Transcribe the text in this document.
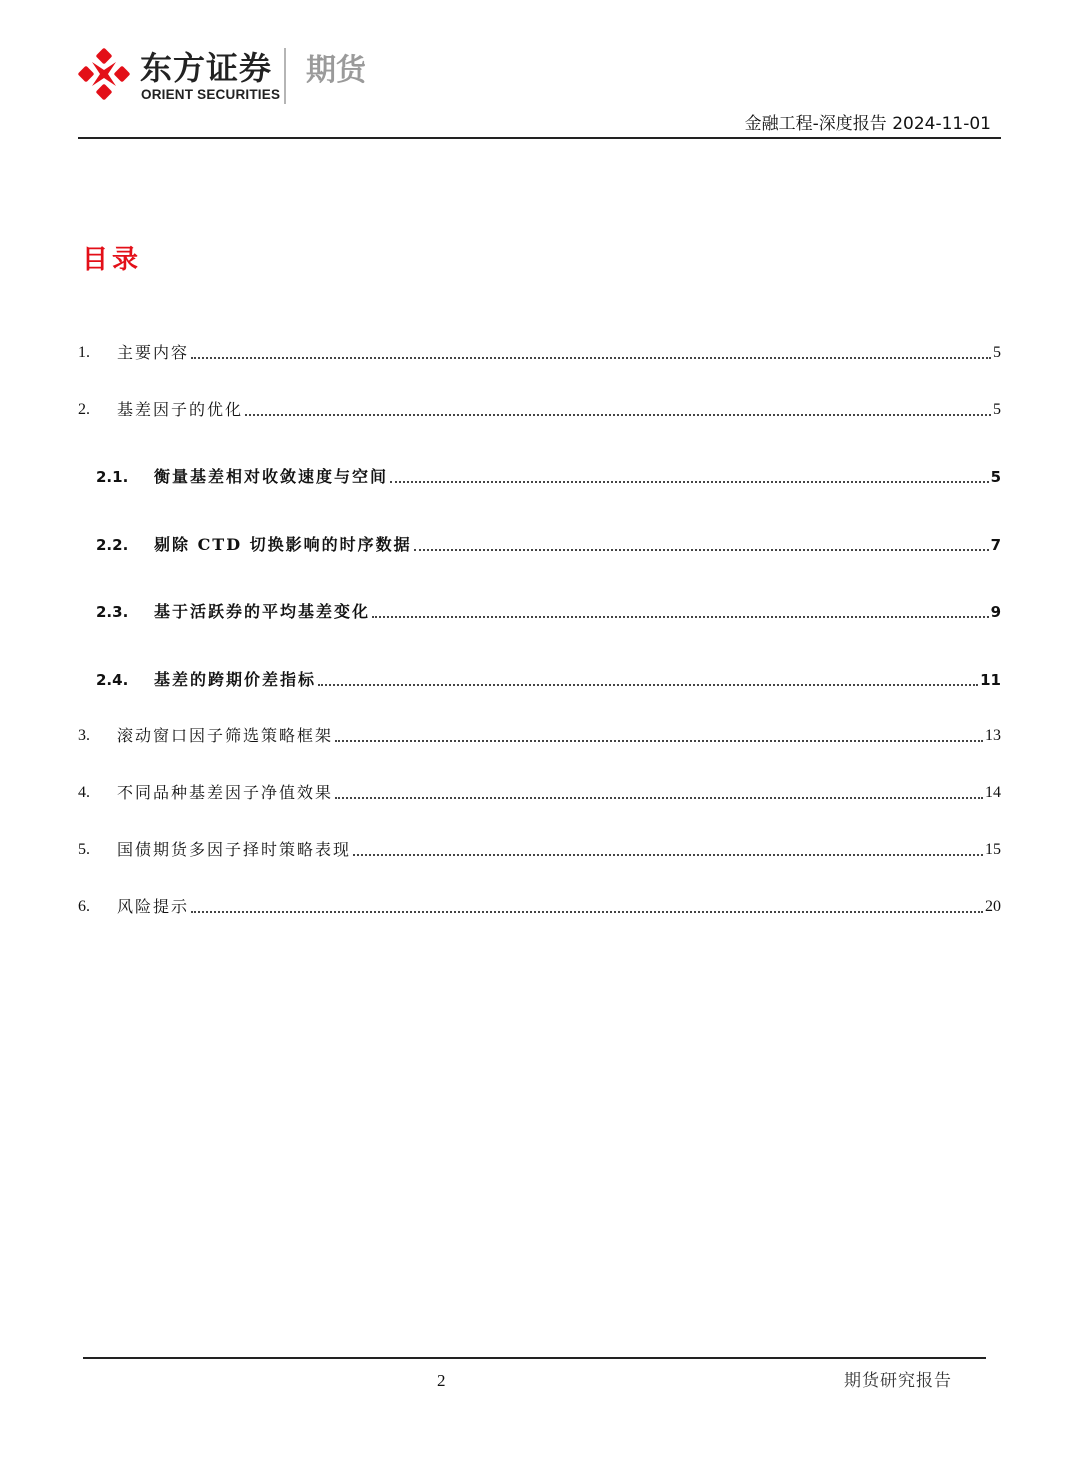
东方证券
ORIENT SECURITIES
期货
金融工程-深度报告 2024-11-01
目录
1.	主要内容	5
2.	基差因子的优化	5
2.1.	衡量基差相对收敛速度与空间	5
2.2.	剔除 CTD 切换影响的时序数据	7
2.3.	基于活跃券的平均基差变化	9
2.4.	基差的跨期价差指标	11
3.	滚动窗口因子筛选策略框架	13
4.	不同品种基差因子净值效果	14
5.	国债期货多因子择时策略表现	15
6.	风险提示	20
2	期货研究报告
